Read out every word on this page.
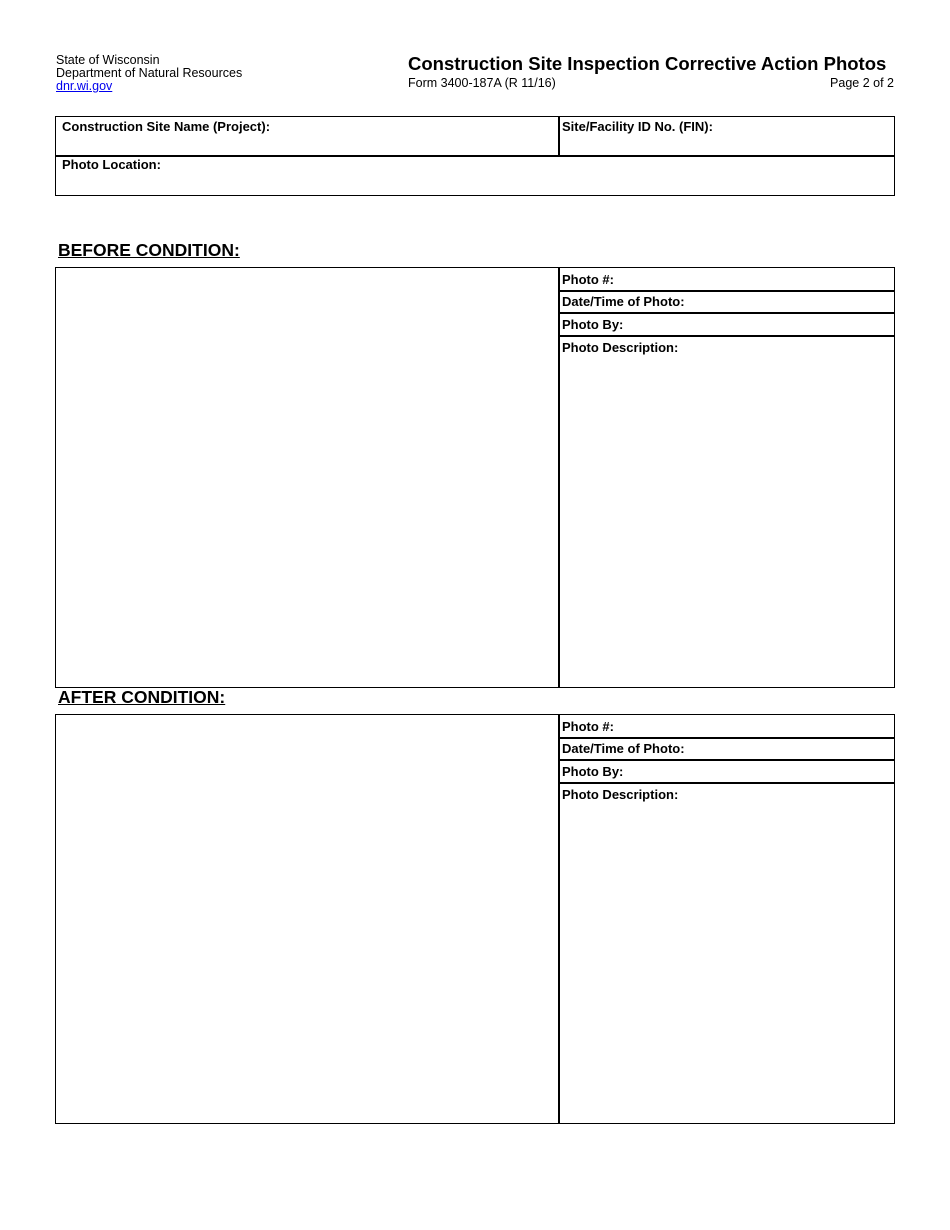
State of Wisconsin
Department of Natural Resources
dnr.wi.gov
Construction Site Inspection Corrective Action Photos
Form 3400-187A (R 11/16)	Page 2 of 2
Construction Site Name (Project):	Site/Facility ID No. (FIN):
Photo Location:
BEFORE CONDITION:
Photo #:
Date/Time of Photo:
Photo By:
Photo Description:
AFTER CONDITION:
Photo #:
Date/Time of Photo:
Photo By:
Photo Description:
